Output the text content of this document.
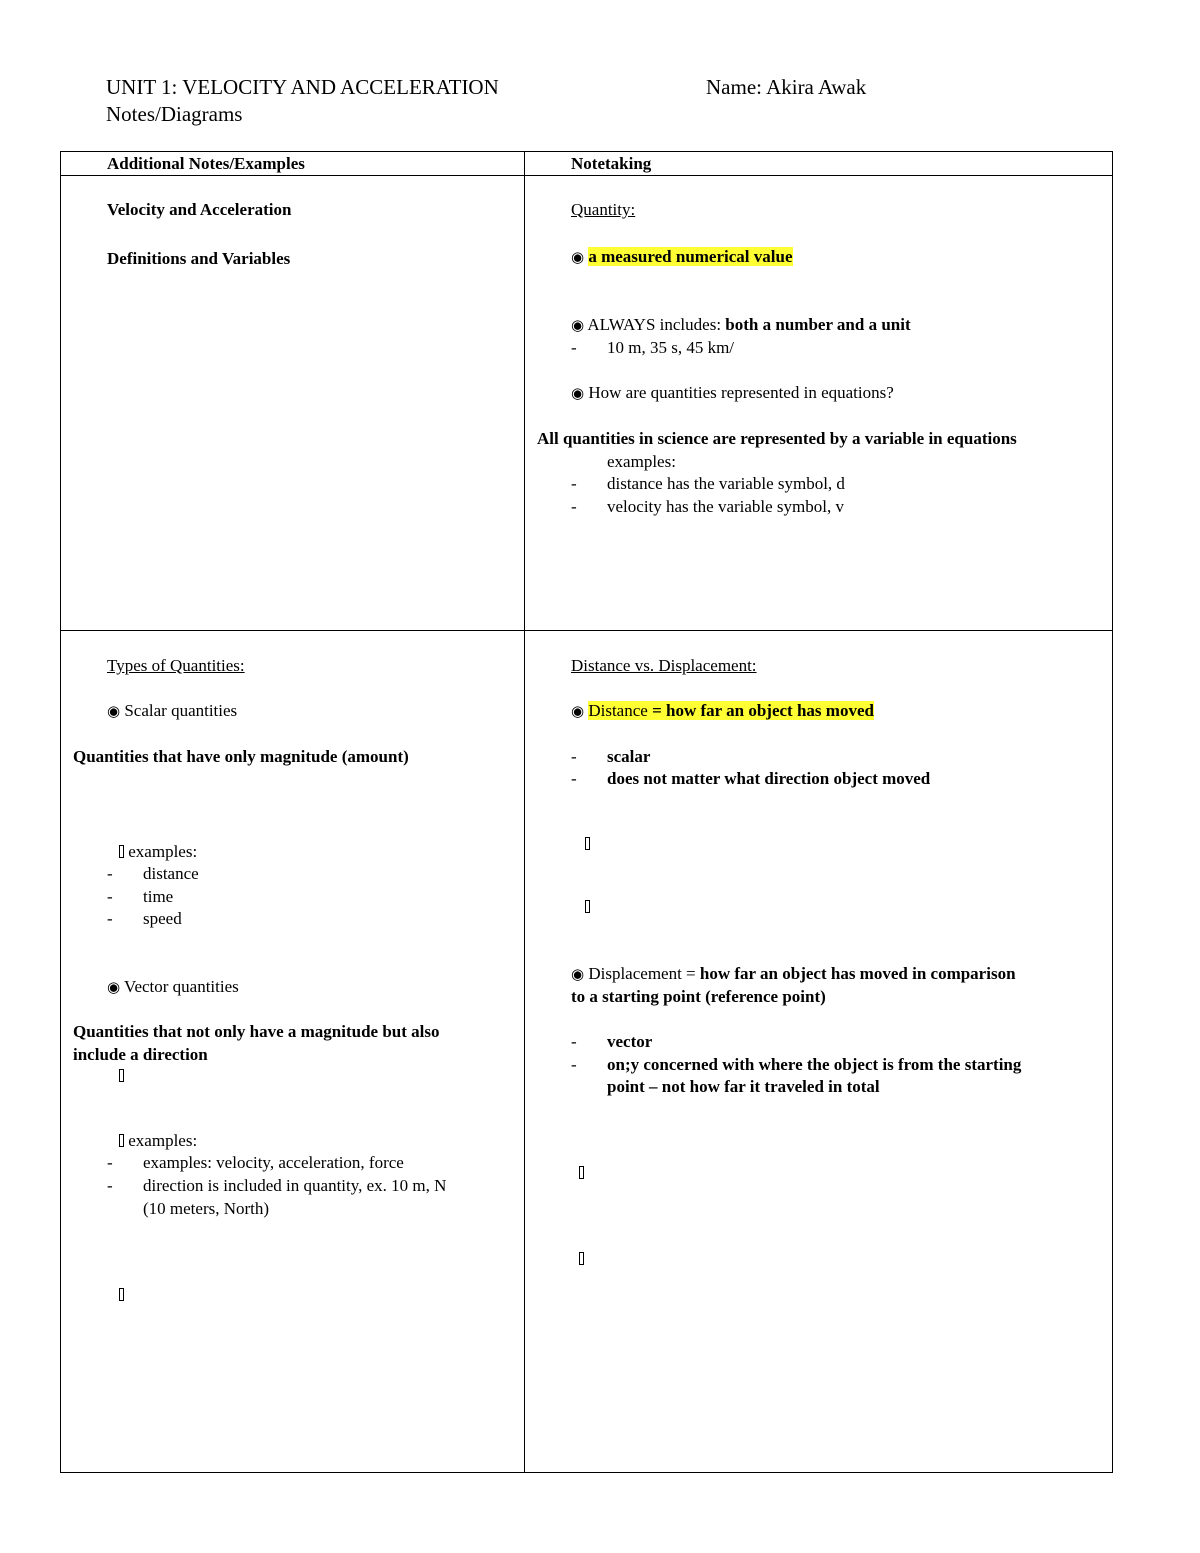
UNIT 1: VELOCITY AND ACCELERATION
Notes/Diagrams
Name: Akira Awak
Additional Notes/Examples	Notetaking
Velocity and Acceleration
Definitions and Variables
Quantity:
◉ a measured numerical value
◉ ALWAYS includes: both a number and a unit
- 10 m, 35 s, 45 km/
◉ How are quantities represented in equations?
All quantities in science are represented by a variable in equations
examples:
- distance has the variable symbol, d
- velocity has the variable symbol, v
Types of Quantities:
◉ Scalar quantities
Quantities that have only magnitude (amount)
examples:
- distance
- time
- speed
◉ Vector quantities
Quantities that not only have a magnitude but also
include a direction
examples:
- examples: velocity, acceleration, force
- direction is included in quantity, ex. 10 m, N
(10 meters, North)
Distance vs. Displacement:
◉ Distance = how far an object has moved
- scalar
- does not matter what direction object moved
◉ Displacement = how far an object has moved in comparison
to a starting point (reference point)
- vector
- on;y concerned with where the object is from the starting
point – not how far it traveled in total
